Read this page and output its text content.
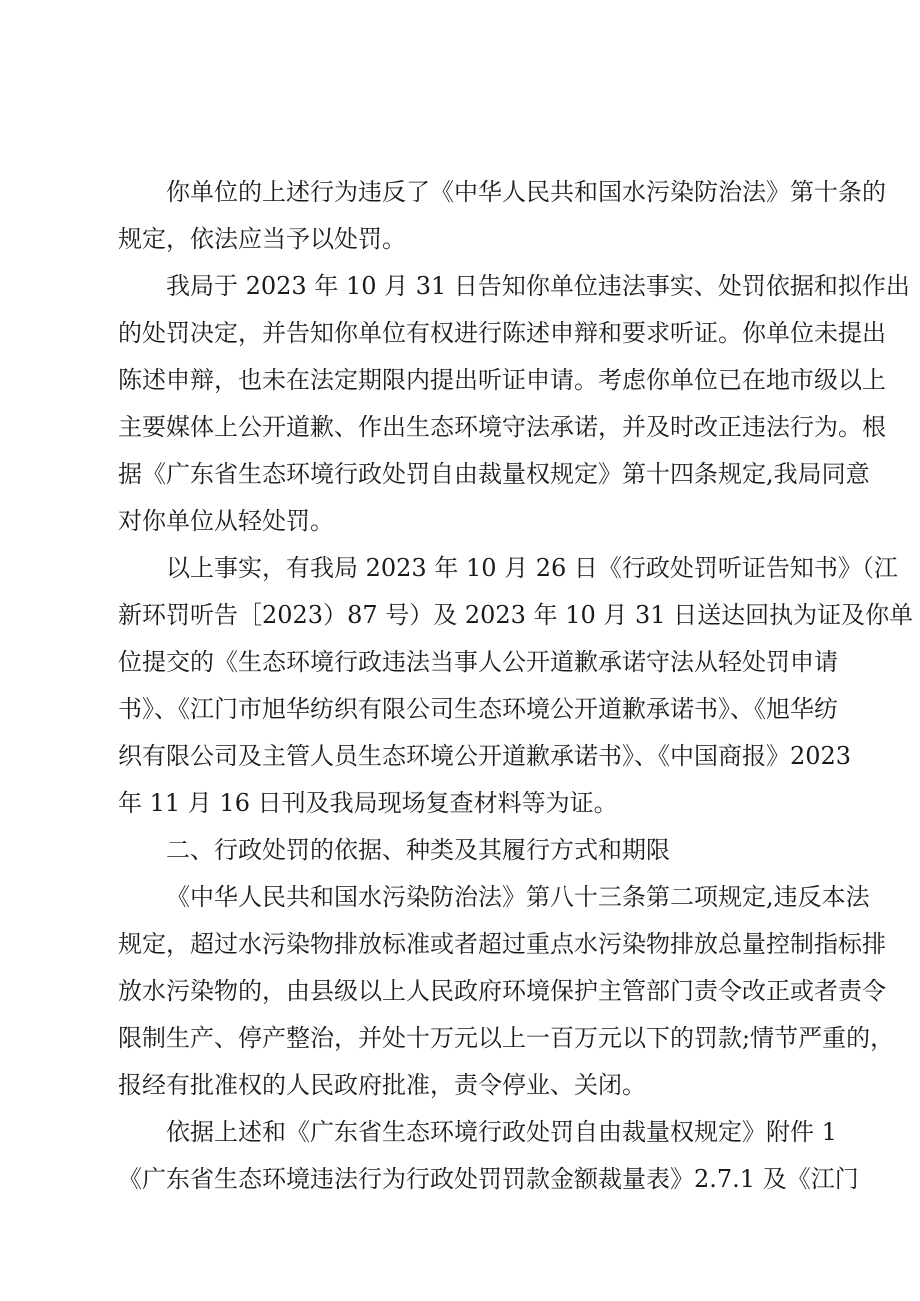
你单位的上述行为违反了《中华人民共和国水污染防治法》第十条的

规定，依法应当予以处罚。

我局于 2023 年 10 月 31 日告知你单位违法事实、处罚依据和拟作出

的处罚决定，并告知你单位有权进行陈述申辩和要求听证。你单位未提出

陈述申辩，也未在法定期限内提出听证申请。考虑你单位已在地市级以上

主要媒体上公开道歉、作出生态环境守法承诺，并及时改正违法行为。根

据《广东省生态环境行政处罚自由裁量权规定》第十四条规定,我局同意

对你单位从轻处罚。

以上事实，有我局 2023 年 10 月 26 日《行政处罚听证告知书》（江

新环罚听告［2023）87 号）及 2023 年 10 月 31 日送达回执为证及你单

位提交的《生态环境行政违法当事人公开道歉承诺守法从轻处罚申请

书》、《江门市旭华纺织有限公司生态环境公开道歉承诺书》、《旭华纺

织有限公司及主管人员生态环境公开道歉承诺书》、《中国商报》2023

年 11 月 16 日刊及我局现场复查材料等为证。

二、行政处罚的依据、种类及其履行方式和期限

《中华人民共和国水污染防治法》第八十三条第二项规定,违反本法

规定，超过水污染物排放标准或者超过重点水污染物排放总量控制指标排

放水污染物的，由县级以上人民政府环境保护主管部门责令改正或者责令

限制生产、停产整治，并处十万元以上一百万元以下的罚款;情节严重的，

报经有批准权的人民政府批准，责令停业、关闭。

依据上述和《广东省生态环境行政处罚自由裁量权规定》附件 1

《广东省生态环境违法行为行政处罚罚款金额裁量表》2.7.1 及《江门
